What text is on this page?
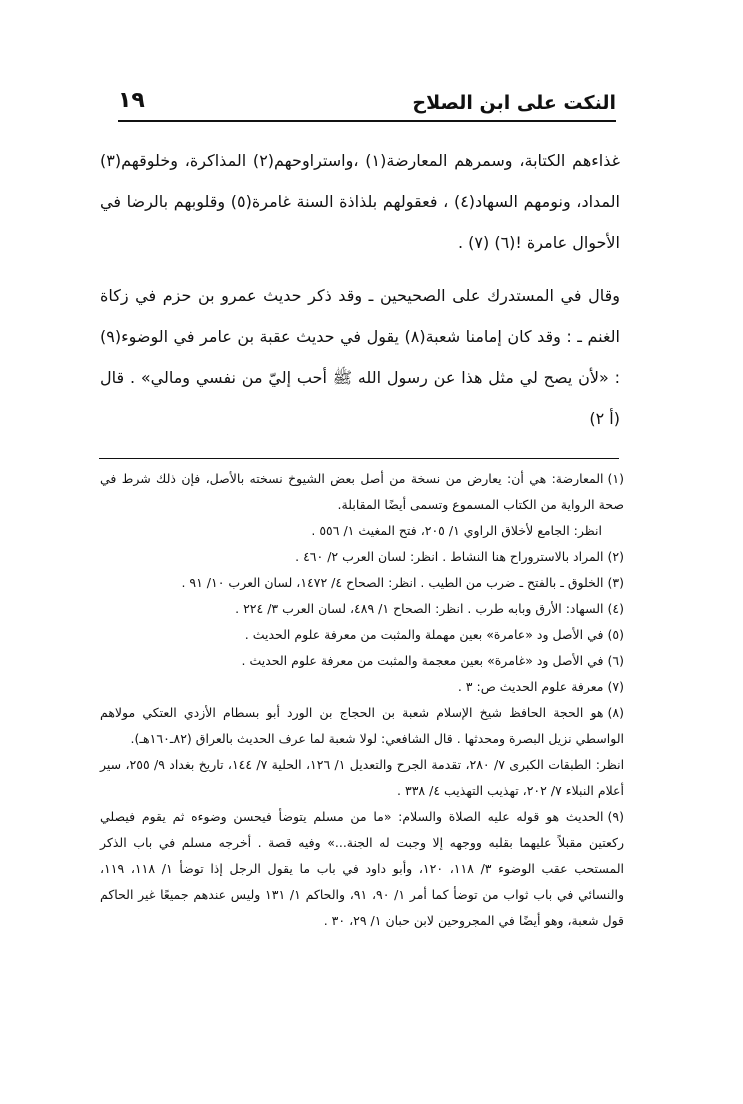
النكت على ابن الصلاح
١٩

غذاءهم الكتابة، وسمرهم المعارضة(١) ،واستراوحهم(٢) المذاكرة، وخلوقهم(٣) المداد، ونومهم السهاد(٤) ، فعقولهم بلذاذة السنة غامرة(٥) وقلوبهم بالرضا في الأحوال عامرة !(٦) (٧) .

وقال في المستدرك على الصحيحين ـ وقد ذكر حديث عمرو بن حزم في زكاة الغنم ـ : وقد كان إمامنا شعبة(٨) يقول في حديث عقبة بن عامر في الوضوء(٩) : «لأن يصح لي مثل هذا عن رسول الله ﷺ أحب إليّ من نفسي ومالي» . قال (أ ٢)

(١)المعارضة: هي أن: يعارض من نسخة من أصل بعض الشيوخ نسخته بالأصل، فإن ذلك شرط في صحة الرواية من الكتاب المسموع وتسمى أيضًا المقابلة.

انظر: الجامع لأخلاق الراوي ١/ ٢٠٥، فتح المغيث ١/ ٥٥٦ .

(٢)المراد بالاستروراح هنا النشاط . انظر: لسان العرب ٢/ ٤٦٠ .

(٣)الخلوق ـ بالفتح ـ ضرب من الطيب . انظر: الصحاح ٤/ ١٤٧٢، لسان العرب ١٠/ ٩١ .

(٤)السهاد: الأرق وبابه طرب . انظر: الصحاح ١/ ٤٨٩، لسان العرب ٣/ ٢٢٤ .

(٥)في الأصل ود «عامرة» بعين مهملة والمثبت من معرفة علوم الحديث .

(٦)في الأصل ود «غامرة» بعين معجمة والمثبت من معرفة علوم الحديث .

(٧)معرفة علوم الحديث ص: ٣ .

(٨)هو الحجة الحافظ شيخ الإسلام شعبة بن الحجاج بن الورد أبو بسطام الأزدي العتكي مولاهم الواسطي نزيل البصرة ومحدثها . قال الشافعي: لولا شعبة لما عرف الحديث بالعراق (٨٢ـ١٦٠هـ).

انظر: الطبقات الكبرى ٧/ ٢٨٠، تقدمة الجرح والتعديل ١/ ١٢٦، الحلية ٧/ ١٤٤، تاريخ بغداد ٩/ ٢٥٥، سير أعلام النبلاء ٧/ ٢٠٢، تهذيب التهذيب ٤/ ٣٣٨ .

(٩)الحديث هو قوله عليه الصلاة والسلام: «ما من مسلم يتوضأ فيحسن وضوءه ثم يقوم فيصلي ركعتين مقبلاً عليهما بقلبه ووجهه إلا وجبت له الجنة...» وفيه قصة . أخرجه مسلم في باب الذكر المستحب عقب الوضوء ٣/ ١١٨، ١٢٠، وأبو داود في باب ما يقول الرجل إذا توضأ ١/ ١١٨، ١١٩، والنسائي في باب ثواب من توضأ كما أمر ١/ ٩٠، ٩١، والحاكم ١/ ١٣١ وليس عندهم جميعًا غير الحاكم قول شعبة، وهو أيضًا في المجروحين لابن حبان ١/ ٢٩، ٣٠ .
